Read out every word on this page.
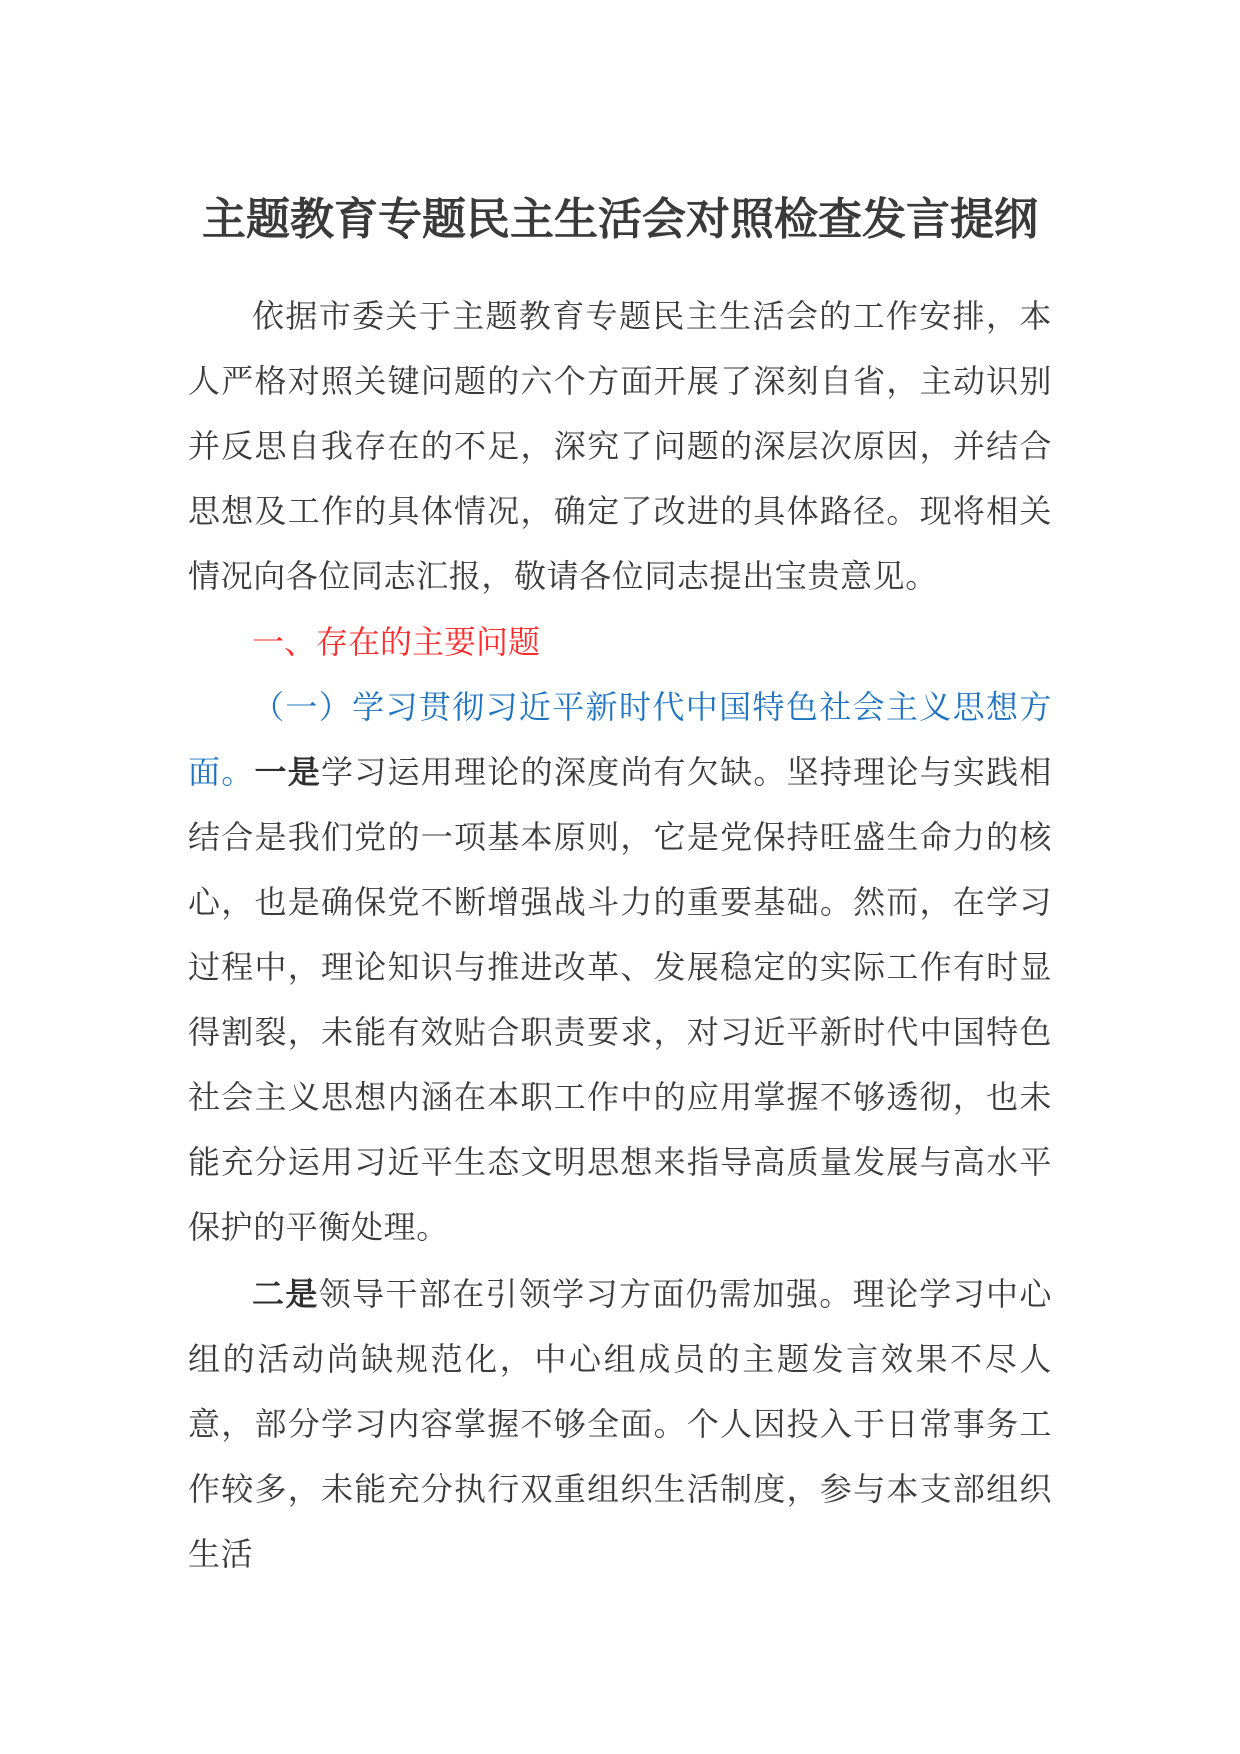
主题教育专题民主生活会对照检查发言提纲

依据市委关于主题教育专题民主生活会的工作安排，本人严格对照关键问题的六个方面开展了深刻自省，主动识别并反思自我存在的不足，深究了问题的深层次原因，并结合思想及工作的具体情况，确定了改进的具体路径。现将相关情况向各位同志汇报，敬请各位同志提出宝贵意见。

一、存在的主要问题

（一）学习贯彻习近平新时代中国特色社会主义思想方面。一是学习运用理论的深度尚有欠缺。坚持理论与实践相结合是我们党的一项基本原则，它是党保持旺盛生命力的核心，也是确保党不断增强战斗力的重要基础。然而，在学习过程中，理论知识与推进改革、发展稳定的实际工作有时显得割裂，未能有效贴合职责要求，对习近平新时代中国特色社会主义思想内涵在本职工作中的应用掌握不够透彻，也未能充分运用习近平生态文明思想来指导高质量发展与高水平保护的平衡处理。

二是领导干部在引领学习方面仍需加强。理论学习中心组的活动尚缺规范化，中心组成员的主题发言效果不尽人意，部分学习内容掌握不够全面。个人因投入于日常事务工作较多，未能充分执行双重组织生活制度，参与本支部组织生活
